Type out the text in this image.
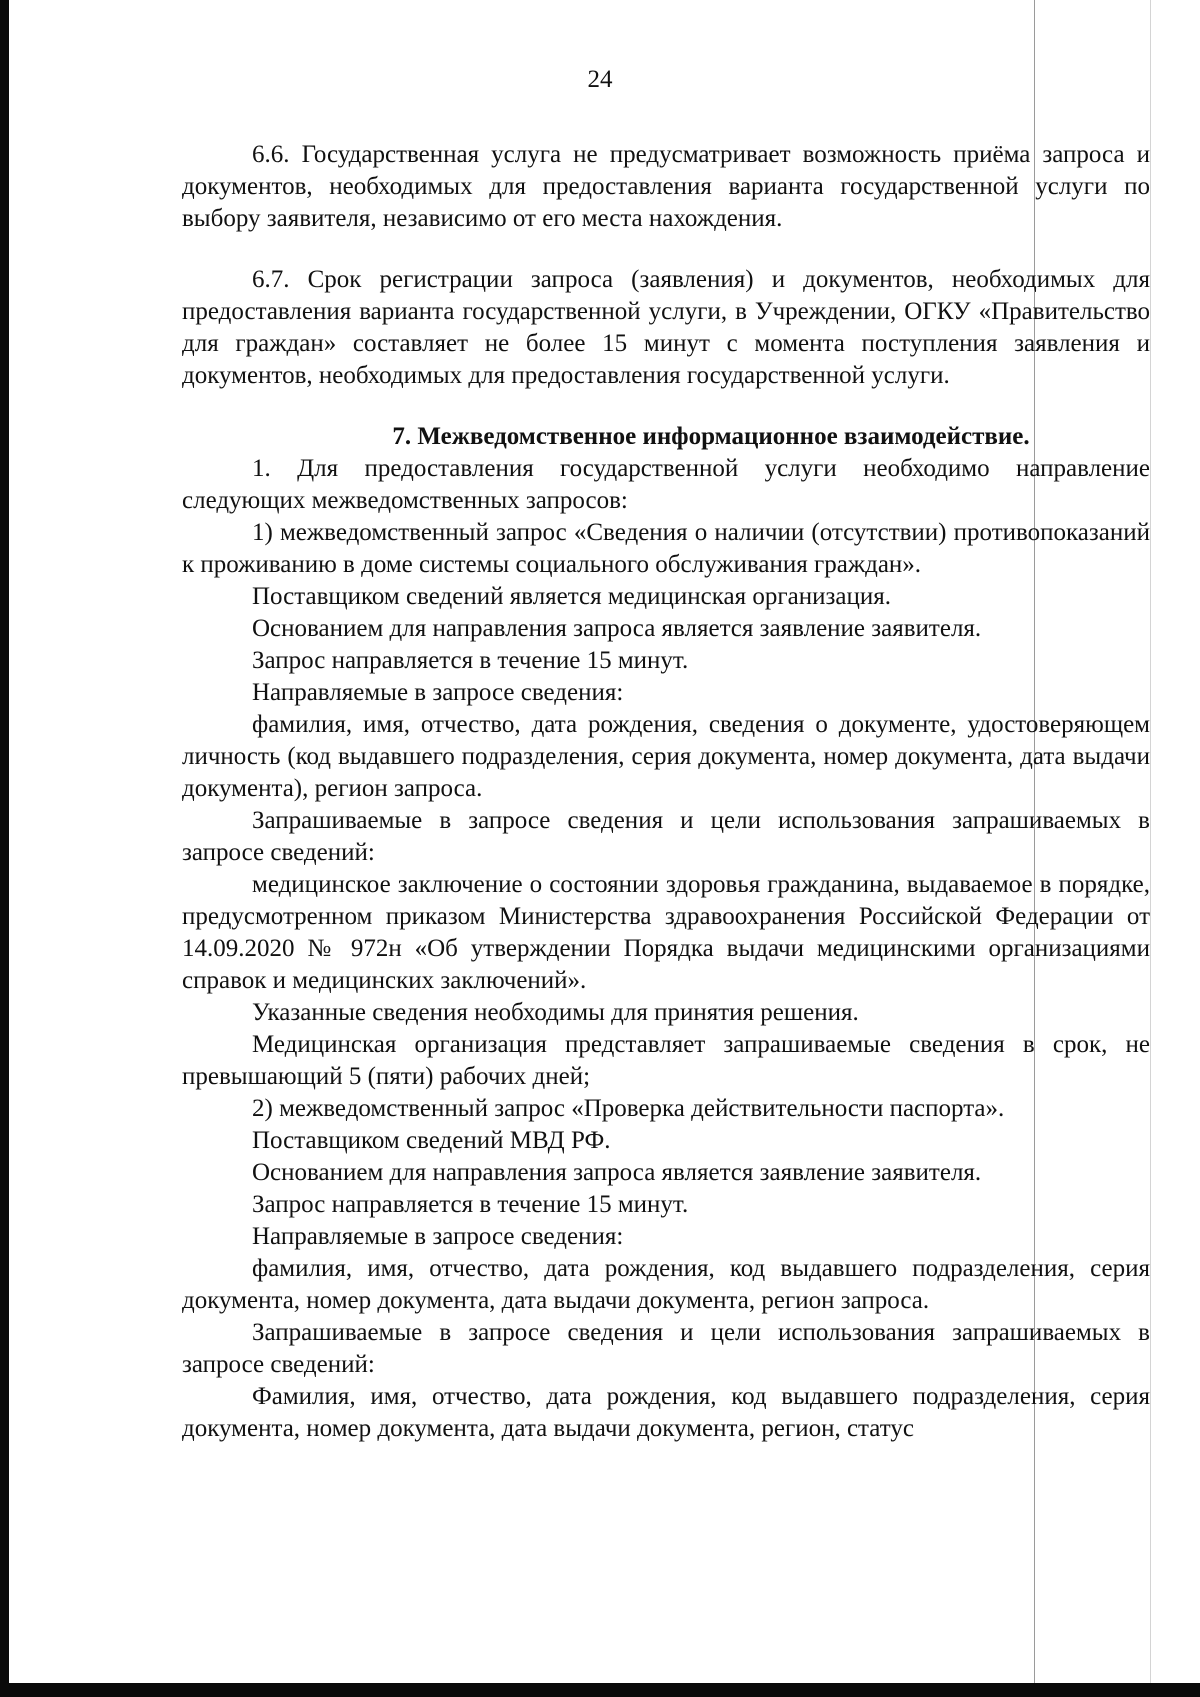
24

6.6. Государственная услуга не предусматривает возможность приёма запроса и документов, необходимых для предоставления варианта государственной услуги по выбору заявителя, независимо от его места нахождения.

6.7. Срок регистрации запроса (заявления) и документов, необходимых для предоставления варианта государственной услуги, в Учреждении, ОГКУ «Правительство для граждан» составляет не более 15 минут с момента поступления заявления и документов, необходимых для предоставления государственной услуги.

7. Межведомственное информационное взаимодействие.

1. Для предоставления государственной услуги необходимо направление следующих межведомственных запросов:

1) межведомственный запрос «Сведения о наличии (отсутствии) противопоказаний к проживанию в доме системы социального обслуживания граждан».

Поставщиком сведений является медицинская организация.

Основанием для направления запроса является заявление заявителя.

Запрос направляется в течение 15 минут.

Направляемые в запросе сведения:

фамилия, имя, отчество, дата рождения, сведения о документе, удостоверяющем личность (код выдавшего подразделения, серия документа, номер документа, дата выдачи документа), регион запроса.

Запрашиваемые в запросе сведения и цели использования запрашиваемых в запросе сведений:

медицинское заключение о состоянии здоровья гражданина, выдаваемое в порядке, предусмотренном приказом Министерства здравоохранения Российской Федерации от 14.09.2020 № 972н «Об утверждении Порядка выдачи медицинскими организациями справок и медицинских заключений».

Указанные сведения необходимы для принятия решения.

Медицинская организация представляет запрашиваемые сведения в срок, не превышающий 5 (пяти) рабочих дней;

2) межведомственный запрос «Проверка действительности паспорта».

Поставщиком сведений МВД РФ.

Основанием для направления запроса является заявление заявителя.

Запрос направляется в течение 15 минут.

Направляемые в запросе сведения:

фамилия, имя, отчество, дата рождения, код выдавшего подразделения, серия документа, номер документа, дата выдачи документа, регион запроса.

Запрашиваемые в запросе сведения и цели использования запрашиваемых в запросе сведений:

Фамилия, имя, отчество, дата рождения, код выдавшего подразделения, серия документа, номер документа, дата выдачи документа, регион, статус
